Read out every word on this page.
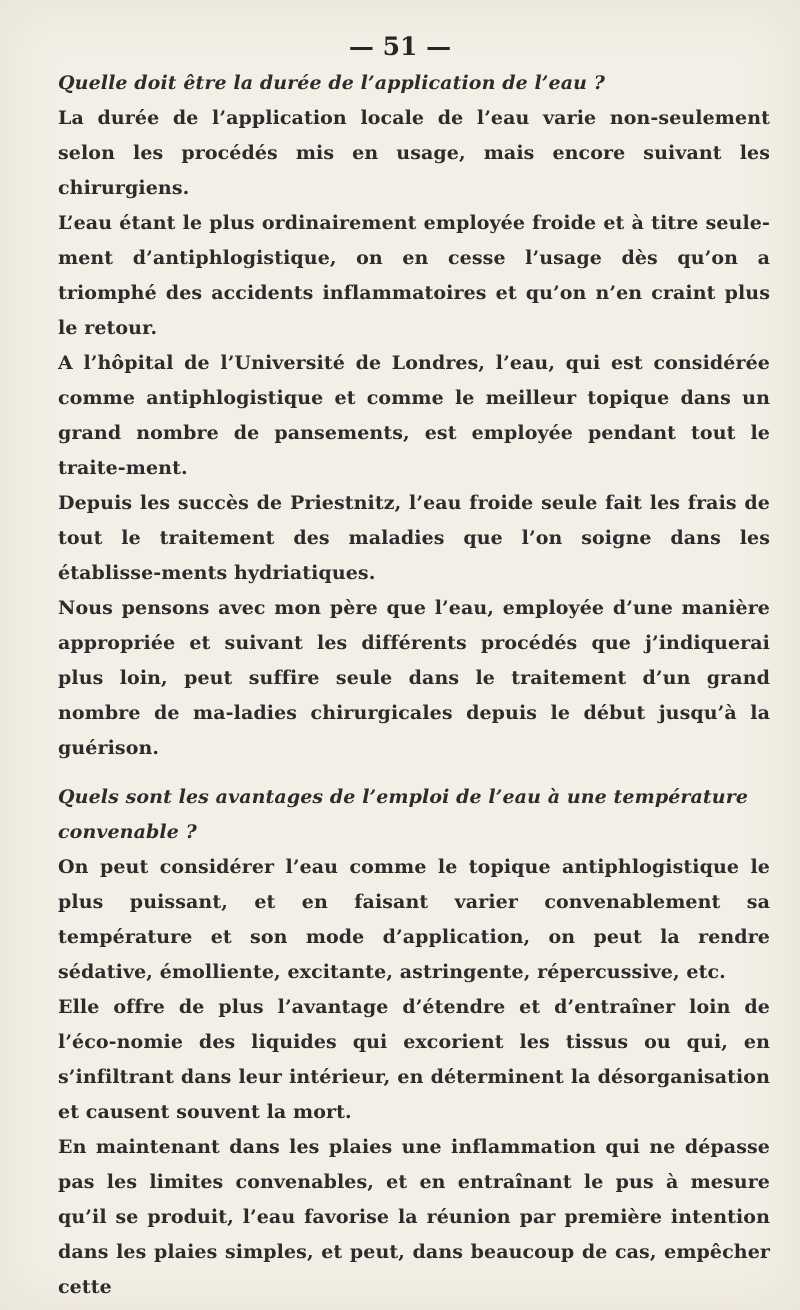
— 51 —

Quelle doit être la durée de l’application de l’eau ?

La durée de l’application locale de l’eau varie non-seulement selon les procédés mis en usage, mais encore suivant les chirurgiens.

L’eau étant le plus ordinairement employée froide et à titre seule-ment d’antiphlogistique, on en cesse l’usage dès qu’on a triomphé des accidents inflammatoires et qu’on n’en craint plus le retour.

A l’hôpital de l’Université de Londres, l’eau, qui est considérée comme antiphlogistique et comme le meilleur topique dans un grand nombre de pansements, est employée pendant tout le traite-ment.

Depuis les succès de Priestnitz, l’eau froide seule fait les frais de tout le traitement des maladies que l’on soigne dans les établisse-ments hydriatiques.

Nous pensons avec mon père que l’eau, employée d’une manière appropriée et suivant les différents procédés que j’indiquerai plus loin, peut suffire seule dans le traitement d’un grand nombre de ma-ladies chirurgicales depuis le début jusqu’à la guérison.

Quels sont les avantages de l’emploi de l’eau à une température convenable ?

On peut considérer l’eau comme le topique antiphlogistique le plus puissant, et en faisant varier convenablement sa température et son mode d’application, on peut la rendre sédative, émolliente, excitante, astringente, répercussive, etc.

Elle offre de plus l’avantage d’étendre et d’entraîner loin de l’éco-nomie des liquides qui excorient les tissus ou qui, en s’infiltrant dans leur intérieur, en déterminent la désorganisation et causent souvent la mort.

En maintenant dans les plaies une inflammation qui ne dépasse pas les limites convenables, et en entraînant le pus à mesure qu’il se produit, l’eau favorise la réunion par première intention dans les plaies simples, et peut, dans beaucoup de cas, empêcher cette
